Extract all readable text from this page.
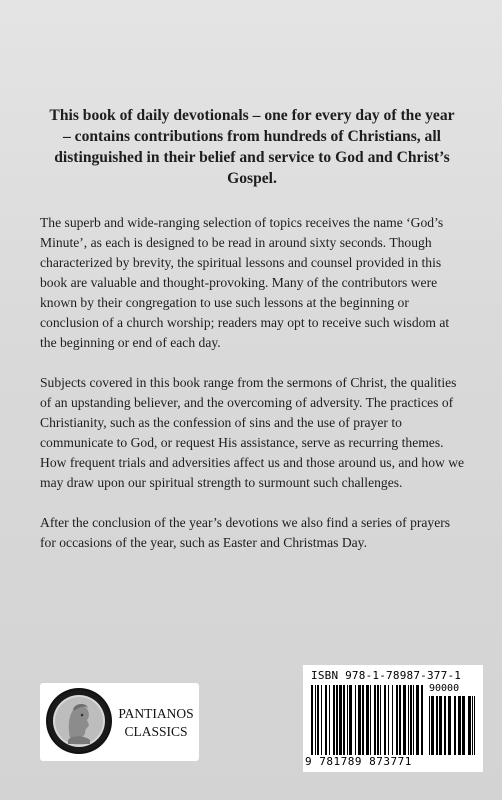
This book of daily devotionals – one for every day of the year – contains contributions from hundreds of Christians, all distinguished in their belief and service to God and Christ’s Gospel.

The superb and wide-ranging selection of topics receives the name ‘God’s Minute’, as each is designed to be read in around sixty seconds. Though characterized by brevity, the spiritual lessons and counsel provided in this book are valuable and thought-provoking. Many of the contributors were known by their congregation to use such lessons at the beginning or conclusion of a church worship; readers may opt to receive such wisdom at the beginning or end of each day.

Subjects covered in this book range from the sermons of Christ, the qualities of an upstanding believer, and the overcoming of adversity. The practices of Christianity, such as the confession of sins and the use of prayer to communicate to God, or request His assistance, serve as recurring themes. How frequent trials and adversities affect us and those around us, and how we may draw upon our spiritual strength to surmount such challenges.

After the conclusion of the year’s devotions we also find a series of prayers for occasions of the year, such as Easter and Christmas Day.

PANTIANOS
CLASSICS
ISBN 978-1-78987-377-1
90000
9 781789 873771
